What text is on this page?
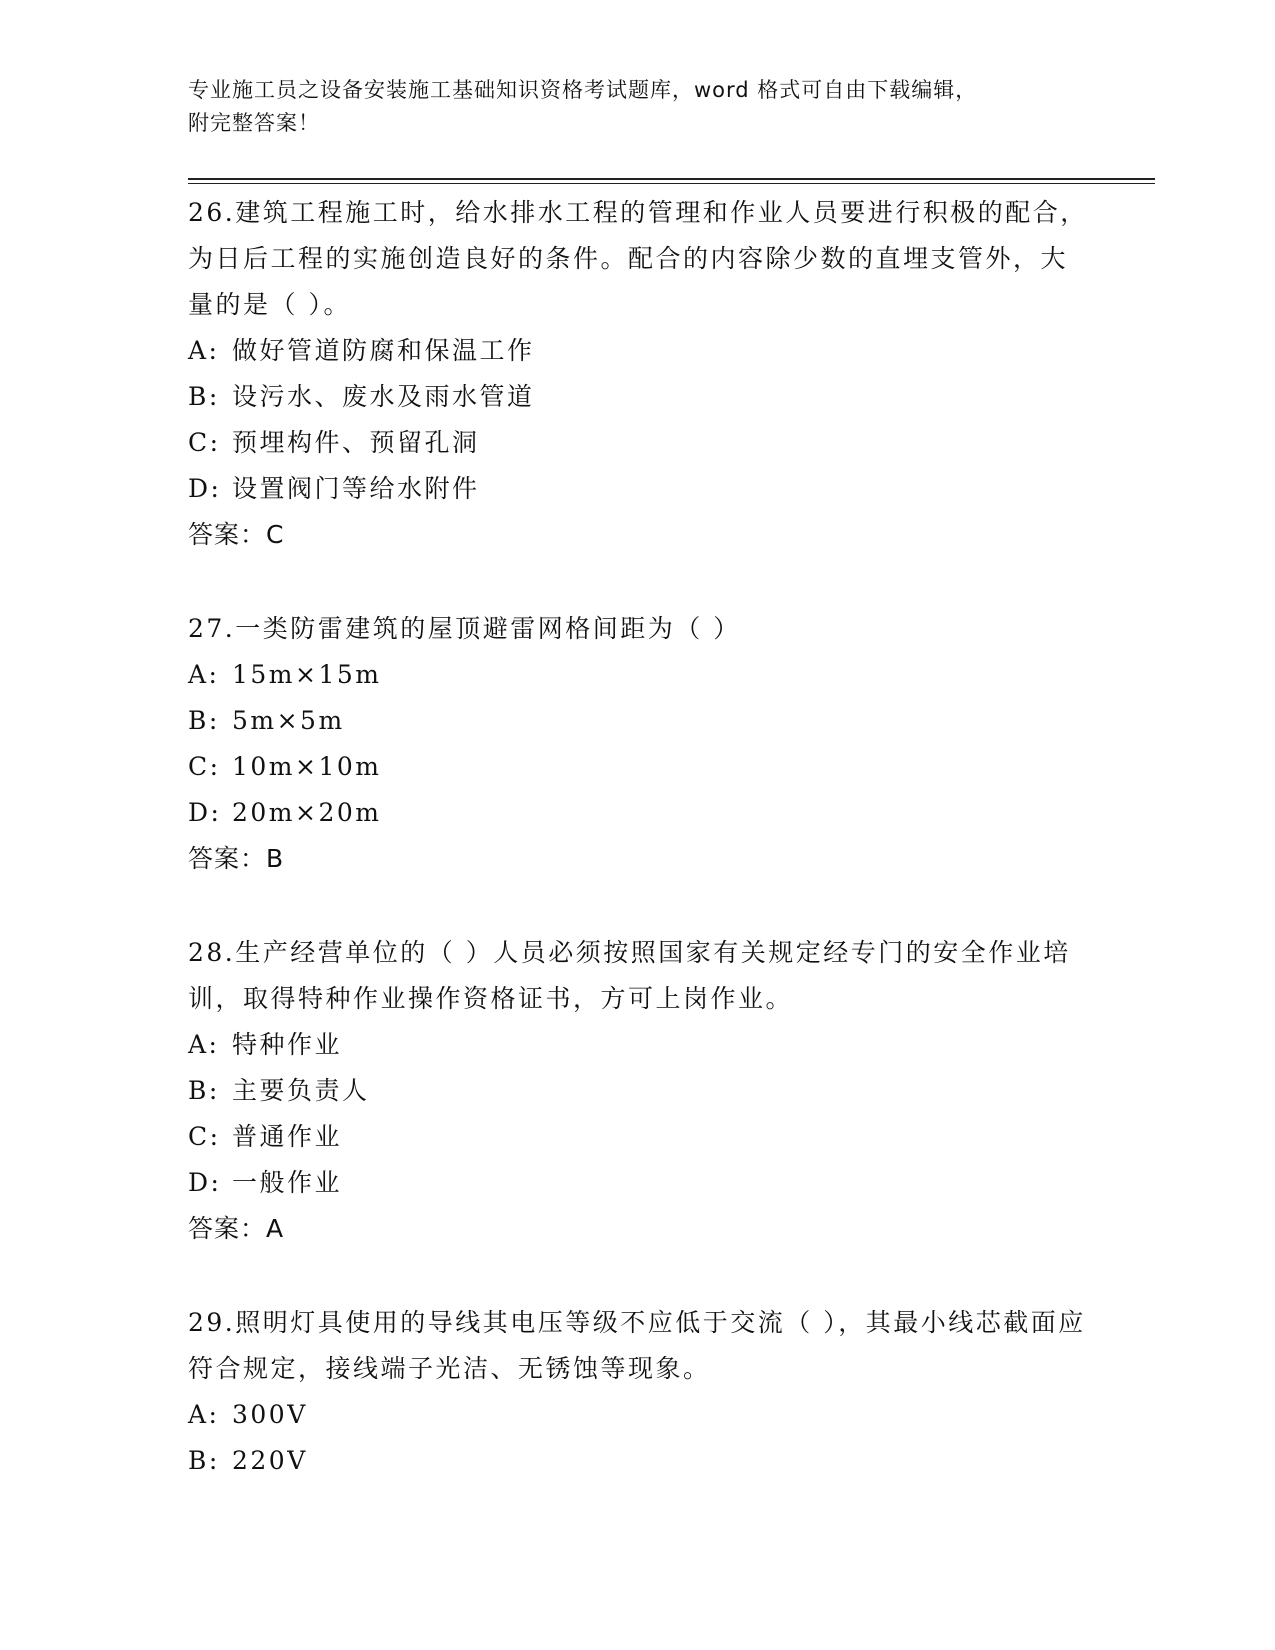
专业施工员之设备安装施工基础知识资格考试题库，word 格式可自由下载编辑，
附完整答案！

26.建筑工程施工时，给水排水工程的管理和作业人员要进行积极的配合，为日后工程的实施创造良好的条件。配合的内容除少数的直埋支管外，大量的是（ ）。

A: 做好管道防腐和保温工作
B: 设污水、废水及雨水管道
C: 预埋构件、预留孔洞
D: 设置阀门等给水附件
答案：C

27.一类防雷建筑的屋顶避雷网格间距为（ ）

A: 15m×15m
B: 5m×5m
C: 10m×10m
D: 20m×20m
答案：B

28.生产经营单位的（ ）人员必须按照国家有关规定经专门的安全作业培训，取得特种作业操作资格证书，方可上岗作业。

A: 特种作业
B: 主要负责人
C: 普通作业
D: 一般作业
答案：A

29.照明灯具使用的导线其电压等级不应低于交流（ ），其最小线芯截面应符合规定，接线端子光洁、无锈蚀等现象。

A: 300V
B: 220V
